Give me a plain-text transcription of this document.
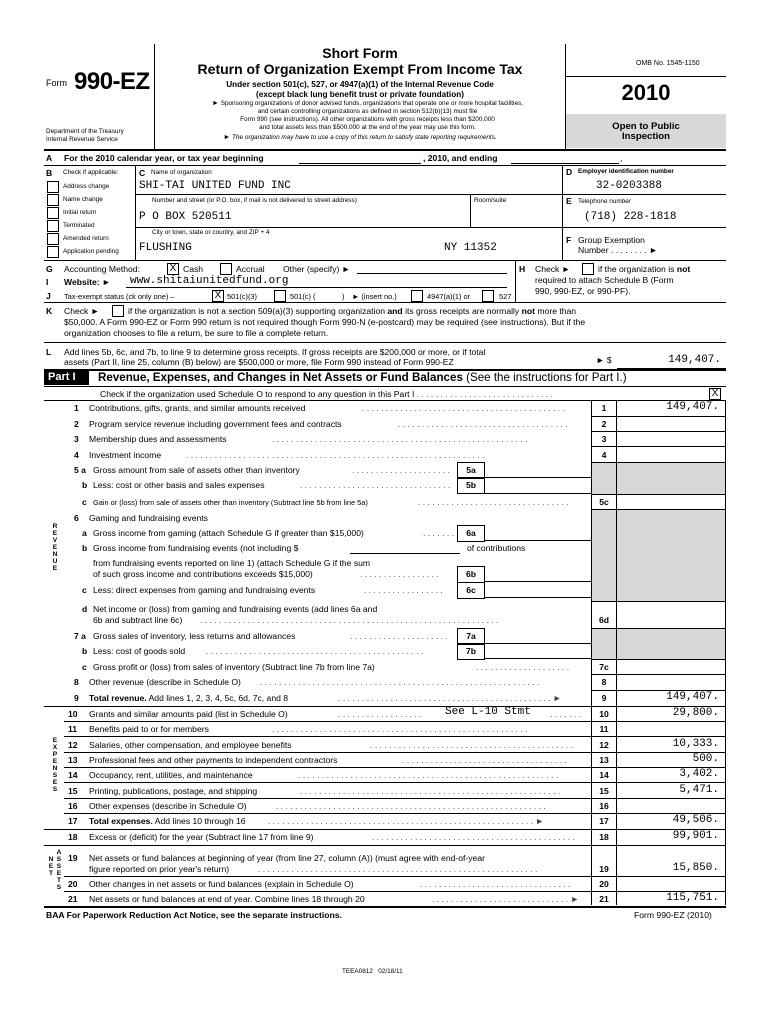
Form 990-EZ
Department of the Treasury
Internal Revenue Service
Short Form
Return of Organization Exempt From Income Tax
Under section 501(c), 527, or 4947(a)(1) of the Internal Revenue Code
(except black lung benefit trust or private foundation)
► Sponsoring organizations of donor advised funds, organizations that operate one or more hospital facilities,
and certain controlling organizations as defined in section 512(b)(13) must file
Form 990 (see instructions). All other organizations with gross receipts less than $200,000
and total assets less than $500,000 at the end of the year may use this form.
► The organization may have to use a copy of this return to satisfy state reporting requirements.
OMB No. 1545-1150
2010
Open to Public
Inspection
A For the 2010 calendar year, or tax year beginning	, 2010, and ending	,
B Check if applicable: C Name of organization
SHI-TAI UNITED FUND INC
Number and street (or P.O. box, if mail is not delivered to street address)	Room/suite
P O BOX 520511
City or town, state or country, and ZIP + 4
FLUSHING	NY 11352
D Employer identification number
32-0203388
E Telephone number
(718) 228-1818
F Group Exemption
Number . . . . . . . . ►
Address change
Name change
Initial return
Terminated
Amended return
Application pending
G Accounting Method:	X Cash	Accrual Other (specify) ►
I Website: ► www.shitaiunitedfund.org
J Tax-exempt status (ck only one) –	X 501(c)(3)	501(c) (	) ► (insert no.)	4947(a)(1) or	527
H Check ►	if the organization is not
required to attach Schedule B (Form
990, 990-EZ, or 990-PF).
K Check ►	if the organization is not a section 509(a)(3) supporting organization and its gross receipts are normally not more than
$50,000. A Form 990-EZ or Form 990 return is not required though Form 990-N (e-postcard) may be required (see instructions). But if the
organization chooses to file a return, be sure to file a complete return.
L Add lines 5b, 6c, and 7b, to line 9 to determine gross receipts. If gross receipts are $200,000 or more, or if total
assets (Part II, line 25, column (B) below) are $500,000 or more, file Form 990 instead of Form 990-EZ	► $	149,407.
Part I Revenue, Expenses, and Changes in Net Assets or Fund Balances (See the instructions for Part I.)
Check if the organization used Schedule O to respond to any question in this Part I . . . . . . . . . . . . . . . . . . . . . . . . . . . . .	X
R
E
V
E
N
U
E
E
X
P
E
N
S
E
S
N
E
T
A
S
S
E
T
S
1 Contributions, gifts, grants, and similar amounts received	. . . . . . . . . . . . . . . . . . . . . . . . . . . . . . . . . . . . . . . . . . .	1	149,407.
2 Program service revenue including government fees and contracts	. . . . . . . . . . . . . . . . . . . . . . . . . . . . . . . . . . . .	2
3 Membership dues and assessments	. . . . . . . . . . . . . . . . . . . . . . . . . . . . . . . . . . . . . . . . . . . . . . . . . . . . . .	3
4 Investment income	. . . . . . . . . . . . . . . . . . . . . . . . . . . . . . . . . . . . . . . . . . . . . . . . . . . . . . . . . . . . . . .	4
5 a Gross amount from sale of assets other than inventory	. . . . . . . . . . . . . . . . . . . . .	5a
b Less: cost or other basis and sales expenses	. . . . . . . . . . . . . . . . . . . . . . . . . . . . . . . .	5b
c Gain or (loss) from sale of assets other than inventory (Subtract line 5b from line 5a)	. . . . . . . . . . . . . . . . . . . . . . . . . . . . . . . .	5c
6 Gaming and fundraising events
a Gross income from gaming (attach Schedule G if greater than $15,000)	. . . . . . .	6a
b Gross income from fundraising events (not including $	of contributions
from fundraising events reported on line 1) (attach Schedule G if the sum
of such gross income and contributions exceeds $15,000)	. . . . . . . . . . . . . . . . .	6b
c Less: direct expenses from gaming and fundraising events	. . . . . . . . . . . . . . . . .	6c
d Net income or (loss) from gaming and fundraising events (add lines 6a and
6b and subtract line 6c) . . . . . . . . . . . . . . . . . . . . . . . . . . . . . . . . . . . . . . . . . . . . . . . . . . . . . . . . . . . . . . .	6d
7 a Gross sales of inventory, less returns and allowances	. . . . . . . . . . . . . . . . . . . . .	7a
b Less: cost of goods sold . . . . . . . . . . . . . . . . . . . . . . . . . . . . . . . . . . . . . . . . . . . . . .	7b
c Gross profit or (loss) from sales of inventory (Subtract line 7b from line 7a)	. . . . . . . . . . . . . . . . . . . .	7c
8 Other revenue (describe in Schedule O) . . . . . . . . . . . . . . . . . . . . . . . . . . . . . . . . . . . . . . . . . . . . . . . . . . . . . . . . . . .	8
9 Total revenue. Add lines 1, 2, 3, 4, 5c, 6d, 7c, and 8	. . . . . . . . . . . . . . . . . . . . . . . . . . . . . . . . . . . . . . . . . . . . . ►	9	149,407.
10 Grants and similar amounts paid (list in Schedule O)	. . . . . . . . . . . . . . . . . . See L-10 Stmt . . . . . . .	10	29,800.
11 Benefits paid to or for members	. . . . . . . . . . . . . . . . . . . . . . . . . . . . . . . . . . . . . . . . . . . . . . . . . . . . . .	11
12 Salaries, other compensation, and employee benefits	. . . . . . . . . . . . . . . . . . . . . . . . . . . . . . . . . . . . . . . . . . .	12	10,333.
13 Professional fees and other payments to independent contractors	. . . . . . . . . . . . . . . . . . . . . . . . . . . . . . . . . . .	13	500.
14 Occupancy, rent, utilities, and maintenance	. . . . . . . . . . . . . . . . . . . . . . . . . . . . . . . . . . . . . . . . . . . . . . . . . . . . . . .	14	3,402.
15 Printing, publications, postage, and shipping	. . . . . . . . . . . . . . . . . . . . . . . . . . . . . . . . . . . . . . . . . . . . . . . . . . . . . . .	15	5,471.
16 Other expenses (describe in Schedule O)	. . . . . . . . . . . . . . . . . . . . . . . . . . . . . . . . . . . . . . . . . . . . . . . . . . . . . . . . .	16
17 Total expenses. Add lines 10 through 16	. . . . . . . . . . . . . . . . . . . . . . . . . . . . . . . . . . . . . . . . . . . . . . . . . . . . . . . . ►	17	49,506.
18 Excess or (deficit) for the year (Subtract line 17 from line 9)	. . . . . . . . . . . . . . . . . . . . . . . . . . . . . . . . . . . . . . . . . . .	18	99,901.
19 Net assets or fund balances at beginning of year (from line 27, column (A)) (must agree with end-of-year
figure reported on prior year's return)	. . . . . . . . . . . . . . . . . . . . . . . . . . . . . . . . . . . . . . . . . . . . . . . . . . . . . . . . . . .	19	15,850.
20 Other changes in net assets or fund balances (explain in Schedule O)	. . . . . . . . . . . . . . . . . . . . . . . . . . . . . . . .	20
21 Net assets or fund balances at end of year. Combine lines 18 through 20	. . . . . . . . . . . . . . . . . . . . . . . . . . . . . ►	21	115,751.
BAA For Paperwork Reduction Act Notice, see the separate instructions.	Form 990-EZ (2010)
TEEA0812   02/18/11
